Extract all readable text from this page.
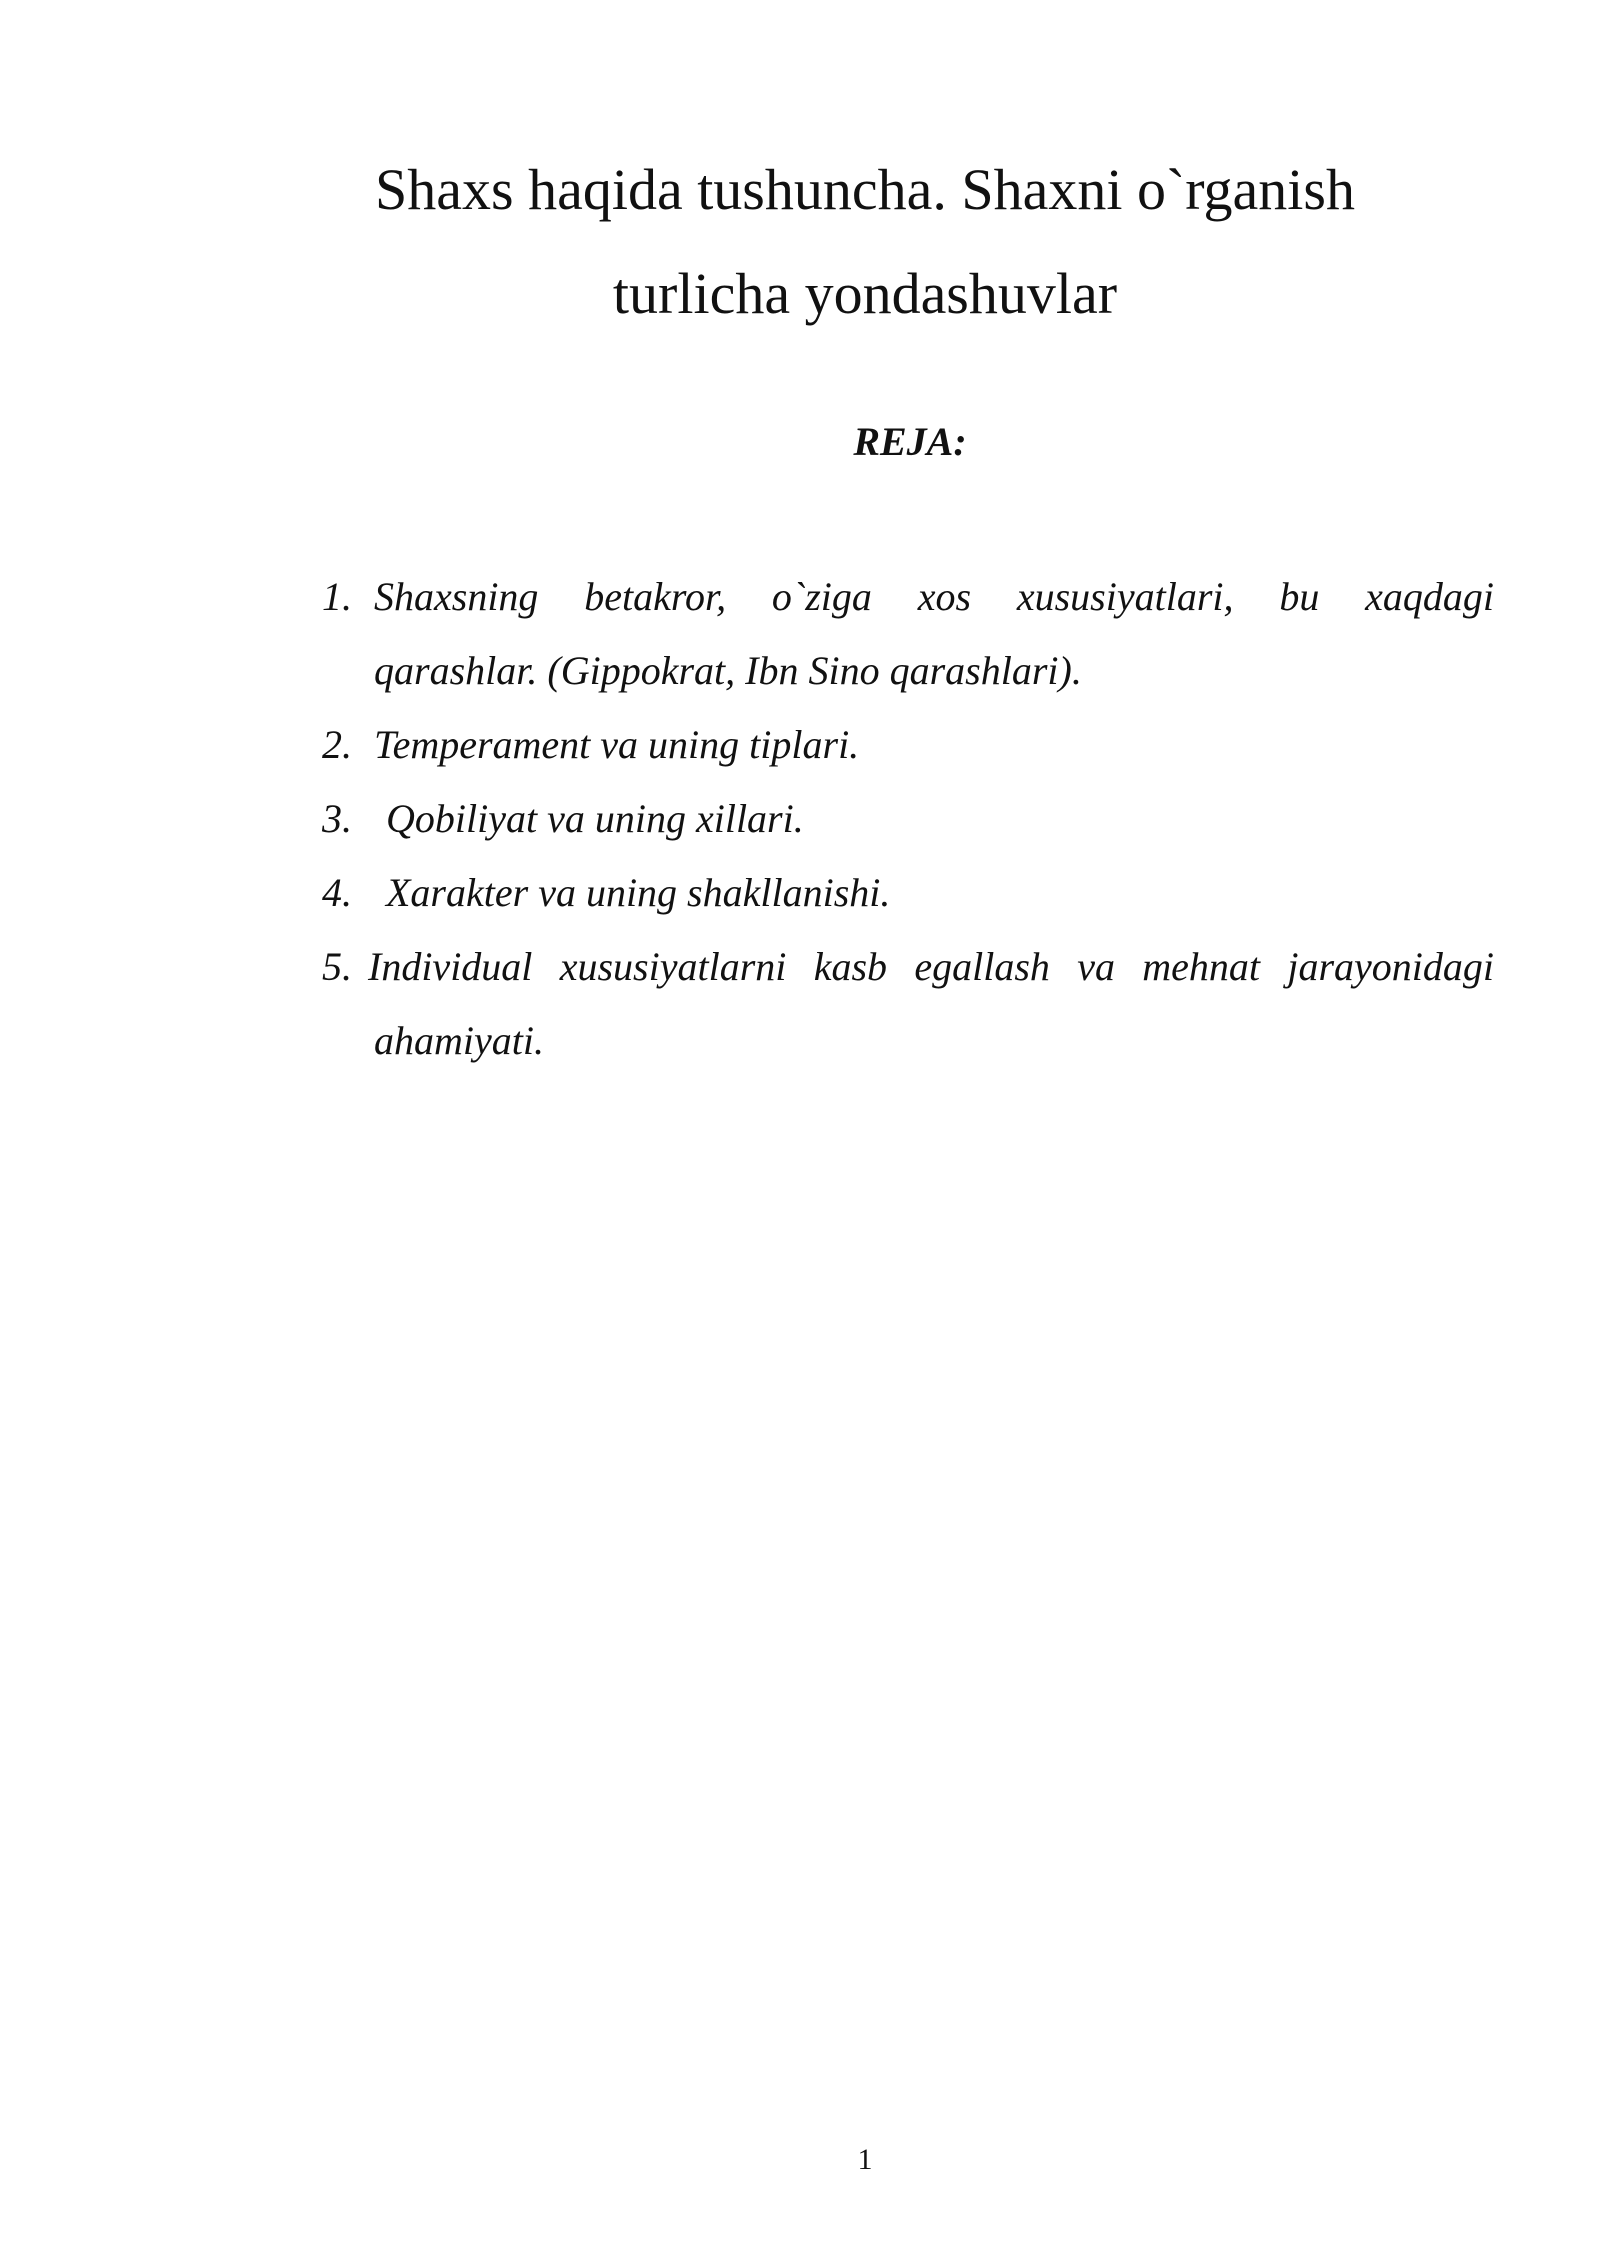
Shaxs haqida tushuncha. Shaxni o`rganish
turlicha yondashuvlar
REJA:
1. Shaxsning betakror, o`ziga xos xususiyatlari, bu xaqdagi
qarashlar. (Gippokrat, Ibn Sino qarashlari).
2. Temperament va uning tiplari.
3. Qobiliyat va uning xillari.
4. Xarakter va uning shakllanishi.
5. Individual xususiyatlarni kasb egallash va mehnat jarayonidagi
ahamiyati.
1
